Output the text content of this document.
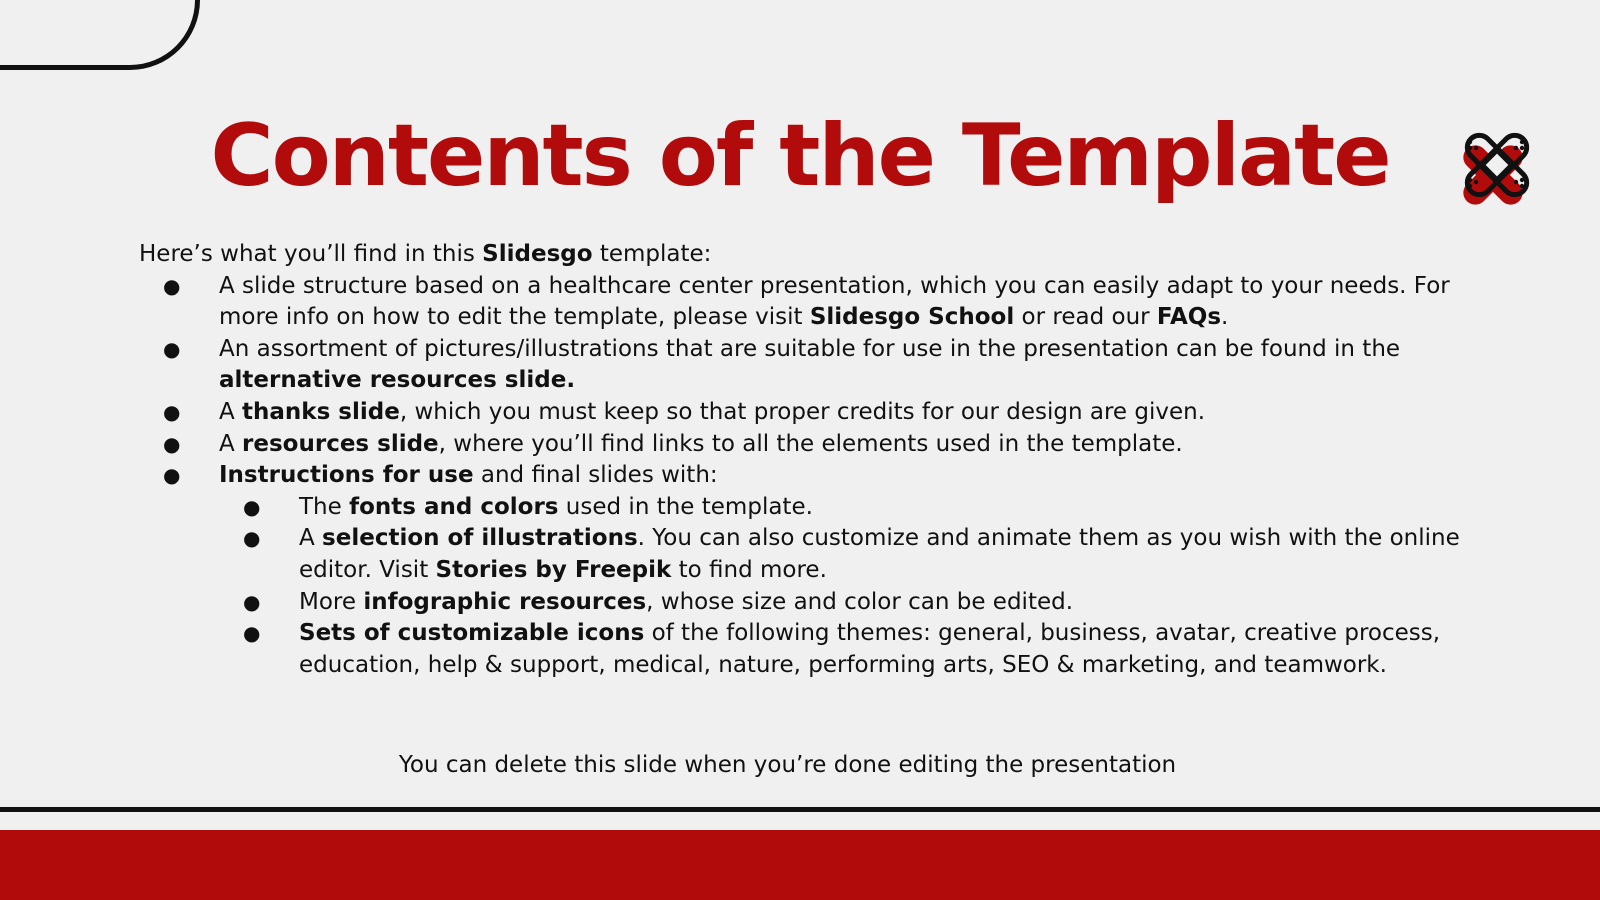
Contents of the Template

Here’s what you’ll find in this Slidesgo template:

● A slide structure based on a healthcare center presentation, which you can easily adapt to your needs. For more info on how to edit the template, please visit Slidesgo School or read our FAQs.
● An assortment of pictures/illustrations that are suitable for use in the presentation can be found in the alternative resources slide.
● A thanks slide, which you must keep so that proper credits for our design are given.
● A resources slide, where you’ll find links to all the elements used in the template.
● Instructions for use and final slides with:
● The fonts and colors used in the template.
● A selection of illustrations. You can also customize and animate them as you wish with the online editor. Visit Stories by Freepik to find more.
● More infographic resources, whose size and color can be edited.
● Sets of customizable icons of the following themes: general, business, avatar, creative process, education, help & support, medical, nature, performing arts, SEO & marketing, and teamwork.
You can delete this slide when you’re done editing the presentation
